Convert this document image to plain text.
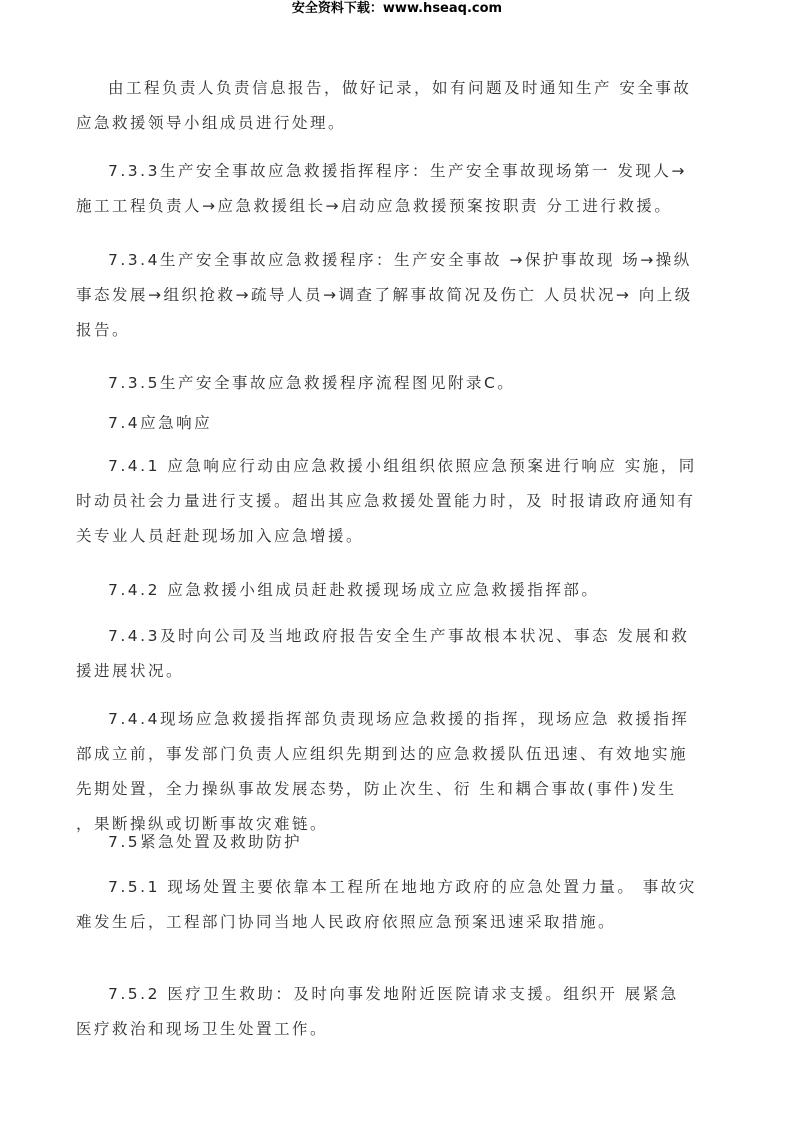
安全资料下载：www.hseaq.com
由工程负责人负责信息报告，做好记录，如有问题及时通知生产 安全事故
应急救援领导小组成员进行处理。
7.3.3生产安全事故应急救援指挥程序：生产安全事故现场第一 发现人→
施工工程负责人→应急救援组长→启动应急救援预案按职责 分工进行救援。
7.3.4生产安全事故应急救援程序：生产安全事故 →保护事故现 场→操纵
事态发展→组织抢救→疏导人员→调查了解事故简况及伤亡 人员状况→ 向上级
报告。
7.3.5生产安全事故应急救援程序流程图见附录C。
7.4应急响应
7.4.1 应急响应行动由应急救援小组组织依照应急预案进行响应 实施，同
时动员社会力量进行支援。超出其应急救援处置能力时，及 时报请政府通知有
关专业人员赶赴现场加入应急增援。
7.4.2 应急救援小组成员赶赴救援现场成立应急救援指挥部。
7.4.3及时向公司及当地政府报告安全生产事故根本状况、事态 发展和救
援进展状况。
7.4.4现场应急救援指挥部负责现场应急救援的指挥，现场应急 救援指挥
部成立前，事发部门负责人应组织先期到达的应急救援队伍迅速、有效地实施
先期处置，全力操纵事故发展态势，防止次生、衍 生和耦合事故(事件)发生
，果断操纵或切断事故灾难链。
7.5紧急处置及救助防护
7.5.1 现场处置主要依靠本工程所在地地方政府的应急处置力量。 事故灾
难发生后，工程部门协同当地人民政府依照应急预案迅速采取措施。
7.5.2 医疗卫生救助：及时向事发地附近医院请求支援。组织开 展紧急
医疗救治和现场卫生处置工作。
